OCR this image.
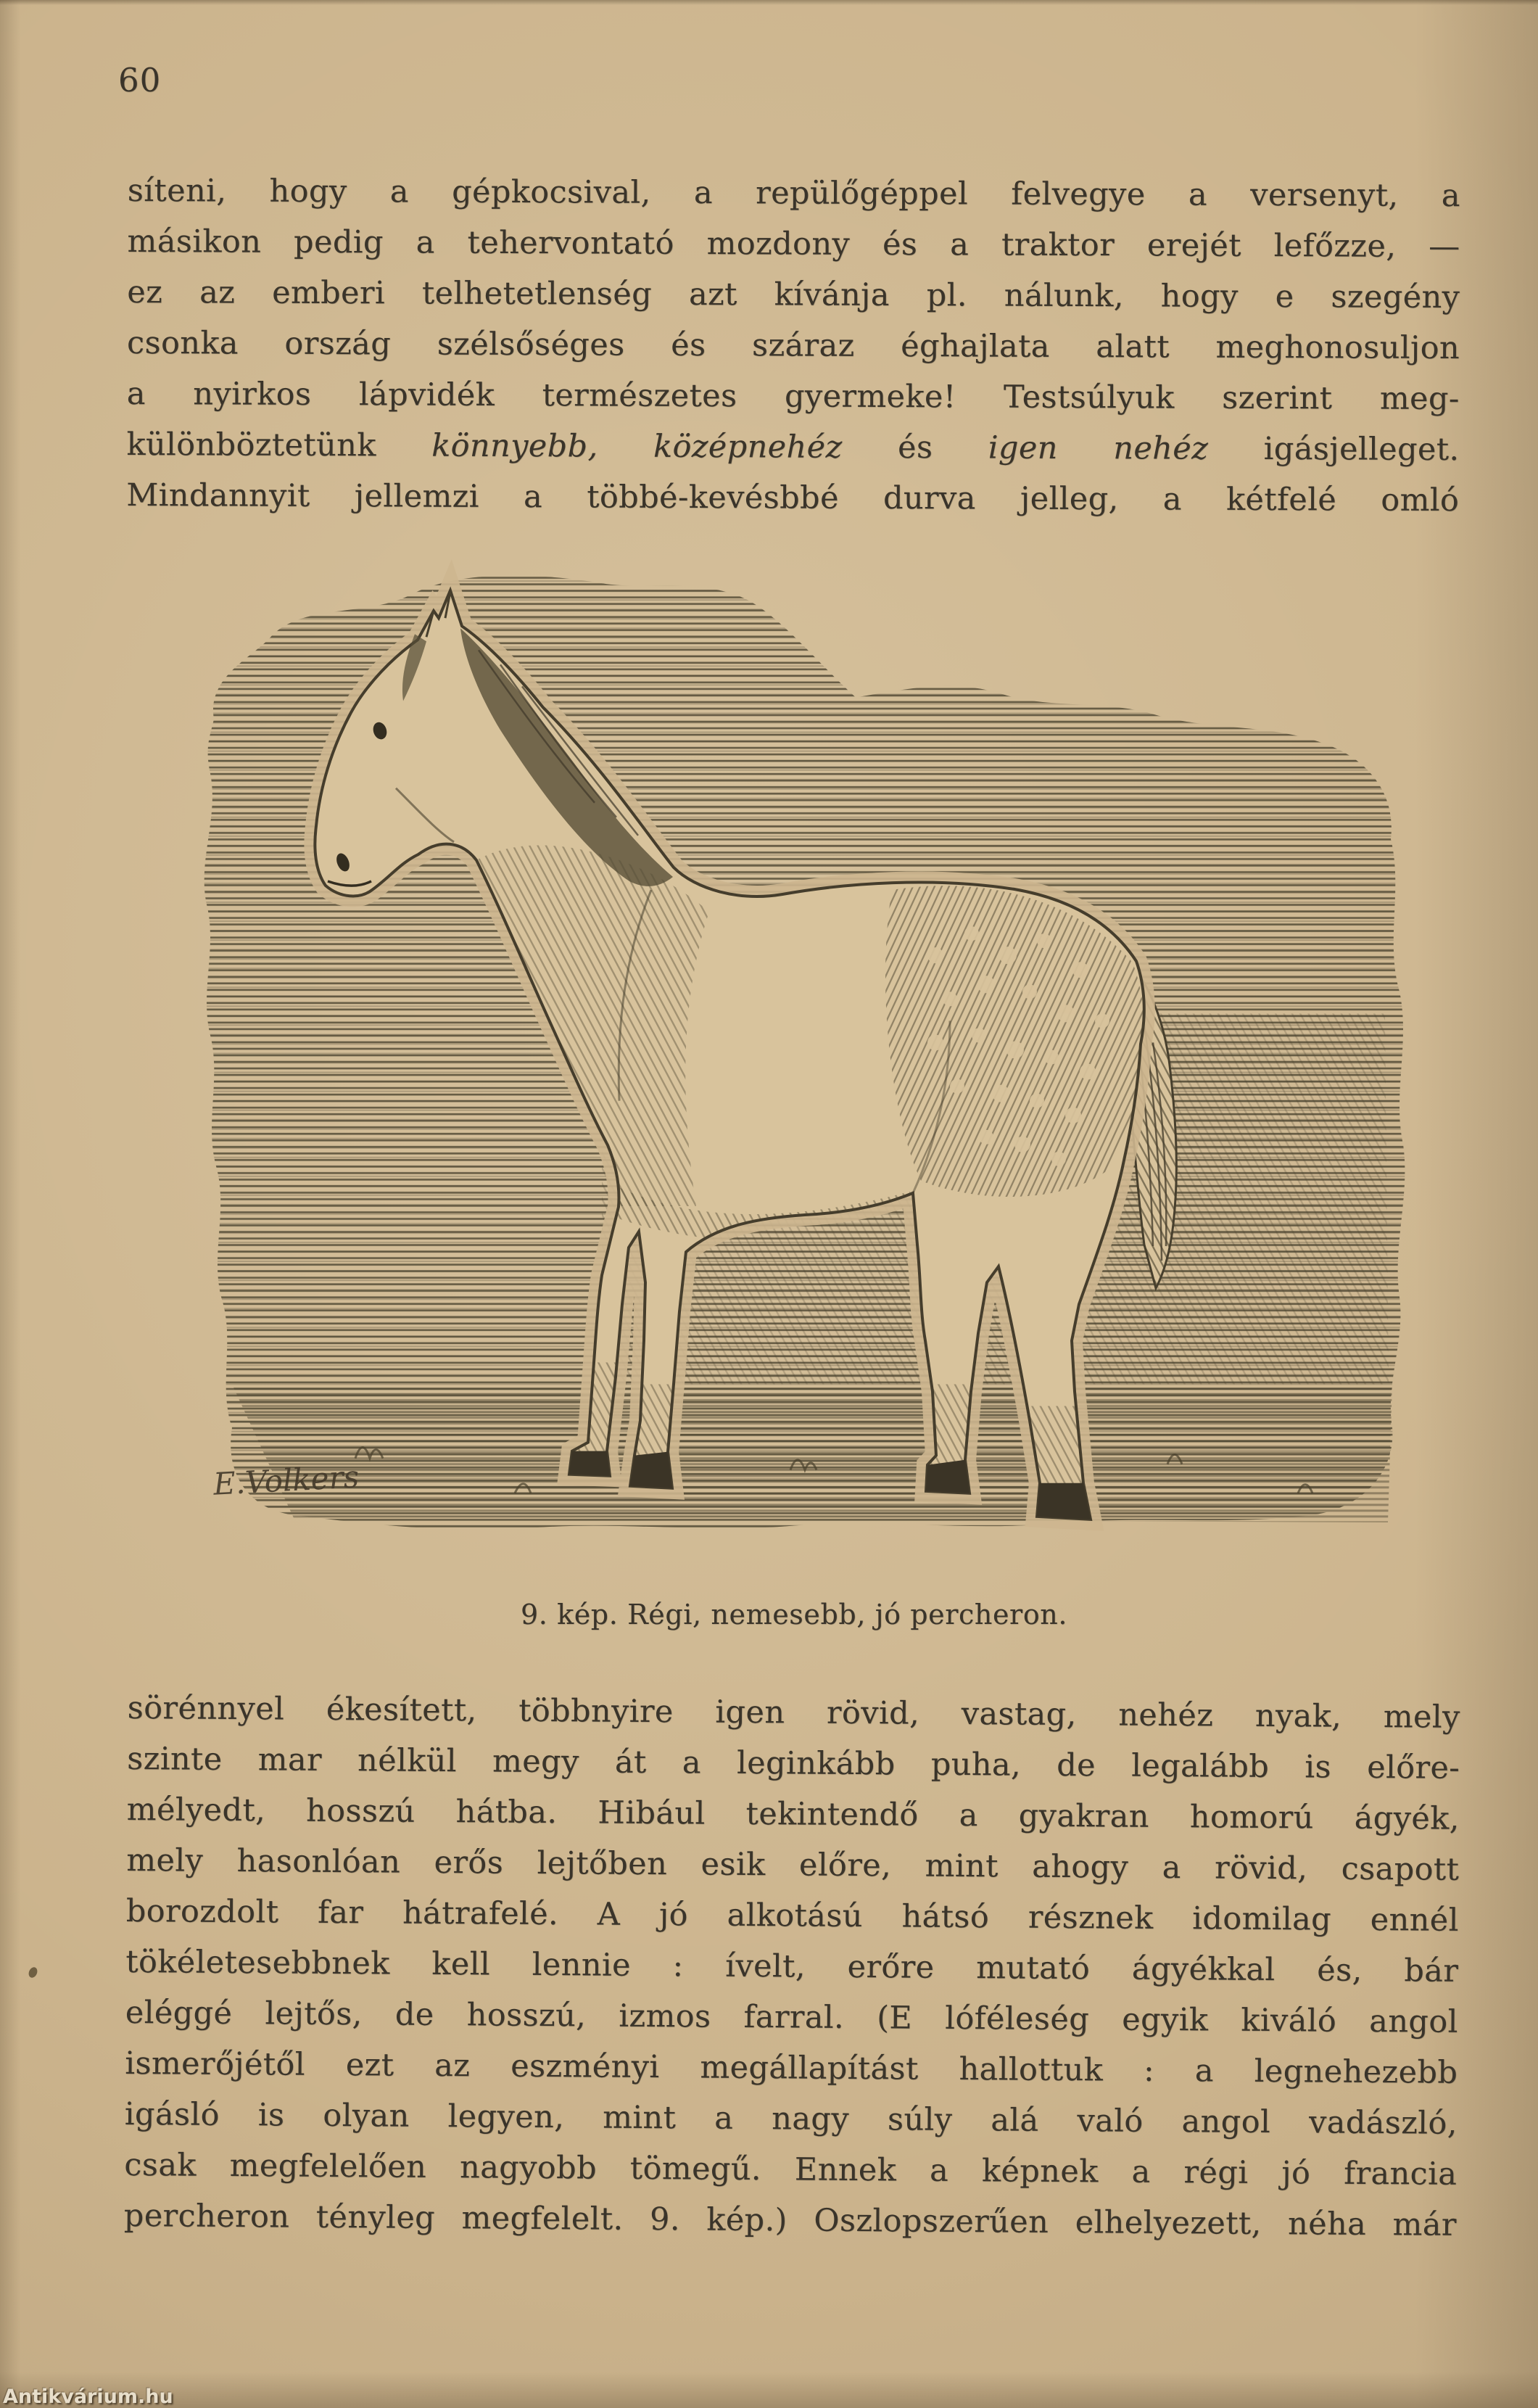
60
síteni, hogy a gépkocsival, a repülőgéppel felvegye a versenyt, a
másikon pedig a tehervontató mozdony és a traktor erejét lefőzze, —
ez az emberi telhetetlenség azt kívánja pl. nálunk, hogy e szegény
csonka ország szélsőséges és száraz éghajlata alatt meghonosuljon
a nyirkos lápvidék természetes gyermeke! Testsúlyuk szerint meg-
különböztetünk könnyebb, középnehéz és igen nehéz igásjelleget.
Mindannyit jellemzi a többé-kevésbbé durva jelleg, a kétfelé omló
E.Volkers
9. kép. Régi, nemesebb, jó percheron.
sörénnyel ékesített, többnyire igen rövid, vastag, nehéz nyak, mely
szinte mar nélkül megy át a leginkább puha, de legalább is előre-
mélyedt, hosszú hátba. Hibául tekintendő a gyakran homorú ágyék,
mely hasonlóan erős lejtőben esik előre, mint ahogy a rövid, csapott
borozdolt far hátrafelé. A jó alkotású hátsó résznek idomilag ennél
tökéletesebbnek kell lennie : ívelt, erőre mutató ágyékkal és, bár
eléggé lejtős, de hosszú, izmos farral. (E lóféleség egyik kiváló angol
ismerőjétől ezt az eszményi megállapítást hallottuk : a legnehezebb
igásló is olyan legyen, mint a nagy súly alá való angol vadászló,
csak megfelelően nagyobb tömegű. Ennek a képnek a régi jó francia
percheron tényleg megfelelt. 9. kép.) Oszlopszerűen elhelyezett, néha már
Antikvárium.hu
